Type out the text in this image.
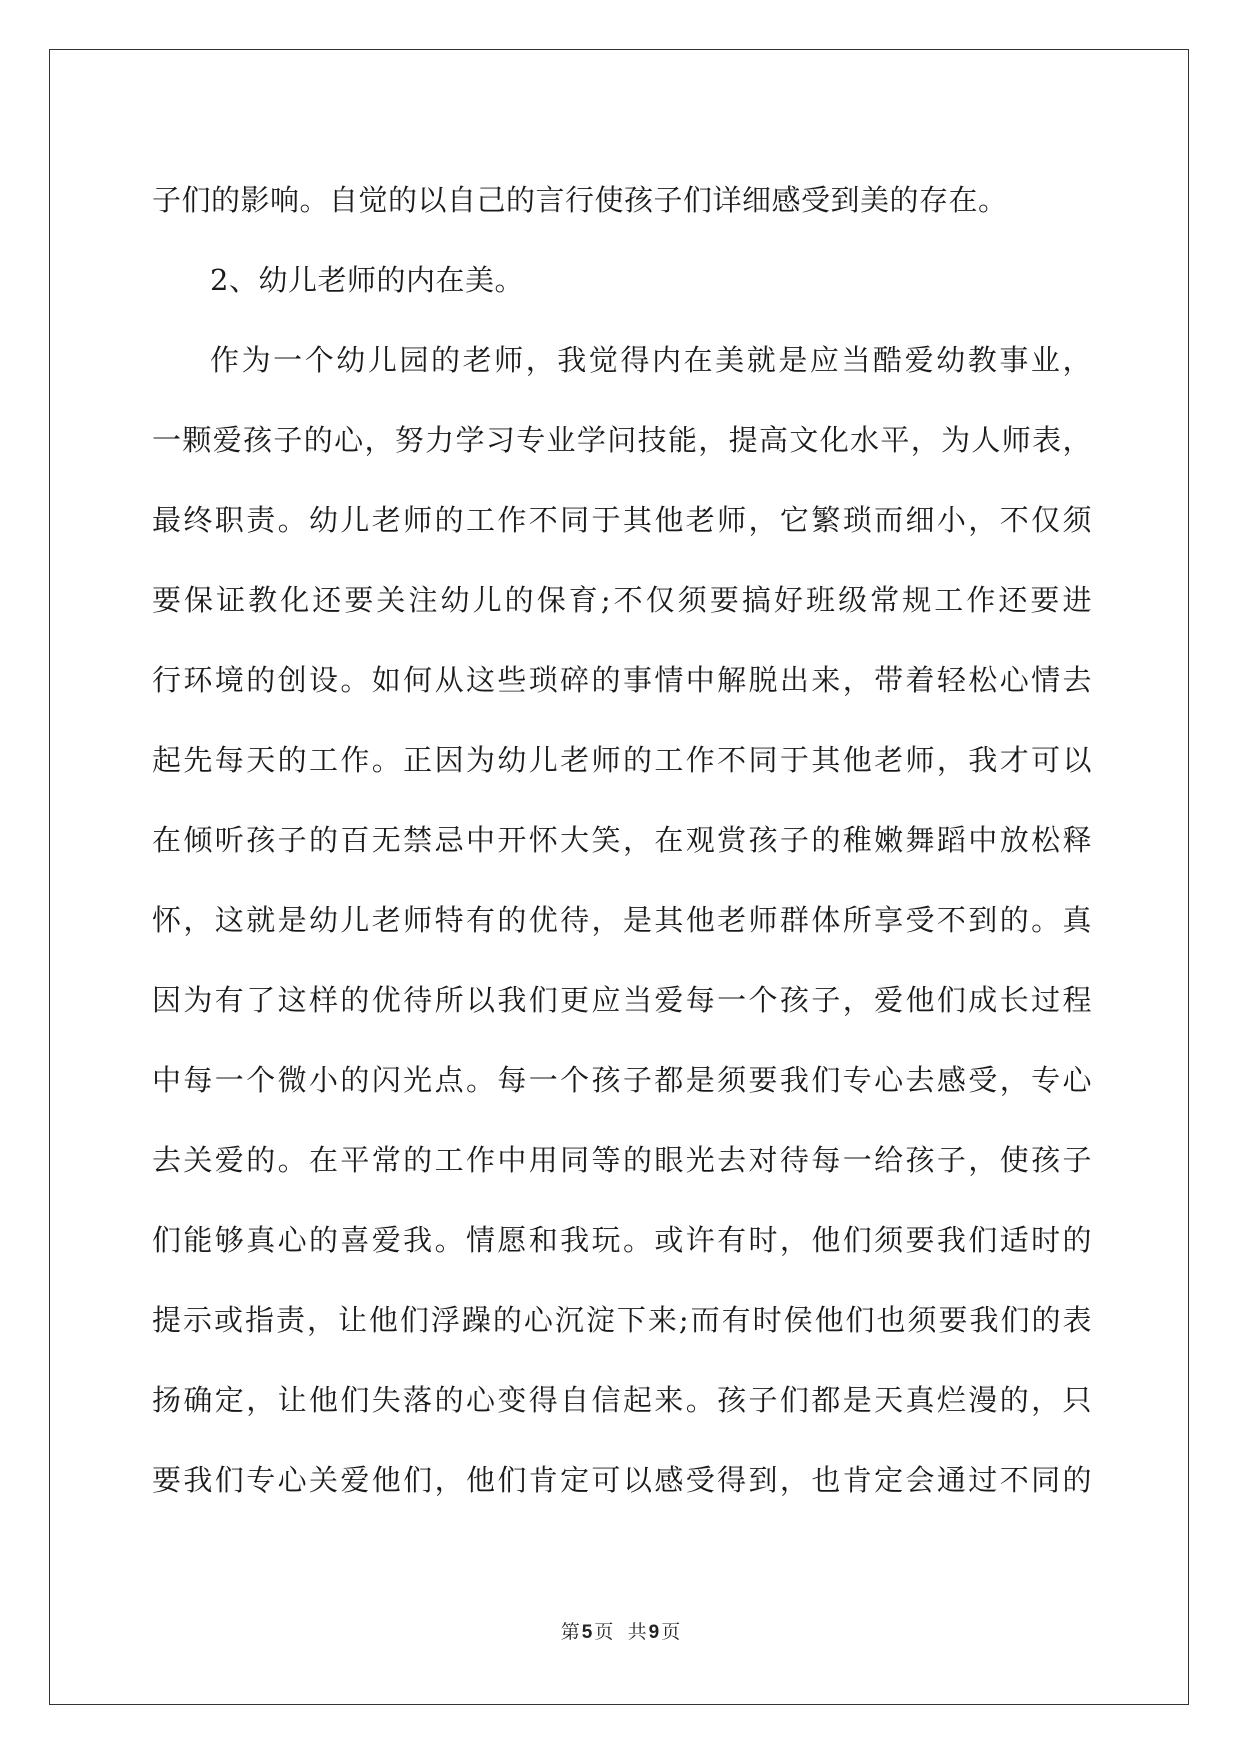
子们的影响。自觉的以自己的言行使孩子们详细感受到美的存在。
2、幼儿老师的内在美。
作为一个幼儿园的老师，我觉得内在美就是应当酷爱幼教事业，
一颗爱孩子的心，努力学习专业学问技能，提高文化水平，为人师表，
最终职责。幼儿老师的工作不同于其他老师，它繁琐而细小，不仅须
要保证教化还要关注幼儿的保育;不仅须要搞好班级常规工作还要进
行环境的创设。如何从这些琐碎的事情中解脱出来，带着轻松心情去
起先每天的工作。正因为幼儿老师的工作不同于其他老师，我才可以
在倾听孩子的百无禁忌中开怀大笑，在观赏孩子的稚嫩舞蹈中放松释
怀，这就是幼儿老师特有的优待，是其他老师群体所享受不到的。真
因为有了这样的优待所以我们更应当爱每一个孩子，爱他们成长过程
中每一个微小的闪光点。每一个孩子都是须要我们专心去感受，专心
去关爱的。在平常的工作中用同等的眼光去对待每一给孩子，使孩子
们能够真心的喜爱我。情愿和我玩。或许有时，他们须要我们适时的
提示或指责，让他们浮躁的心沉淀下来;而有时侯他们也须要我们的表
扬确定，让他们失落的心变得自信起来。孩子们都是天真烂漫的，只
要我们专心关爱他们，他们肯定可以感受得到，也肯定会通过不同的
第 5 页 共 9 页
